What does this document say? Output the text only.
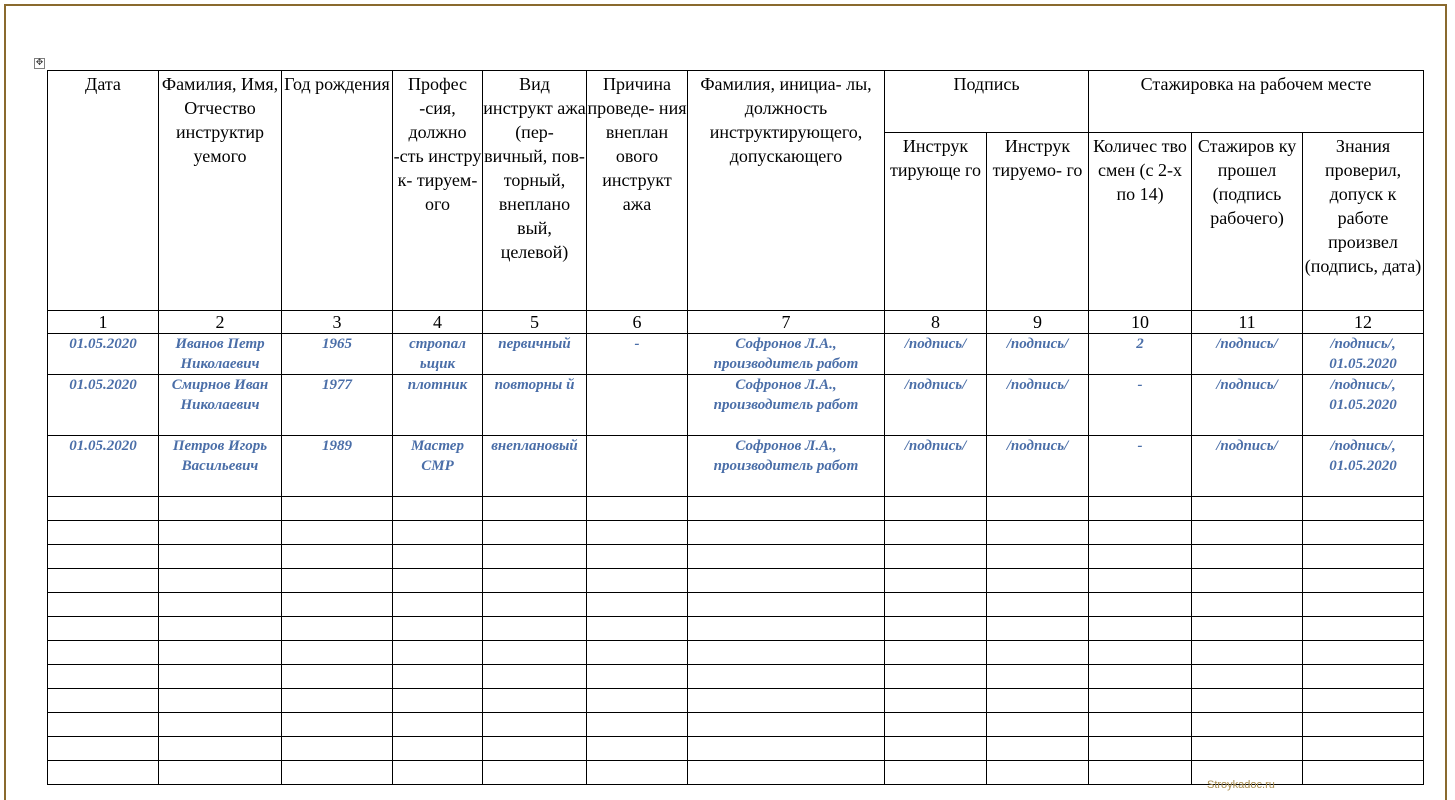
✥
Дата	Фамилия, Имя, Отчество инструктир уемого	Год рождения	Профес -сия, должно -сть инстру к- тируем- ого	Вид инструкт ажа (пер- вичный, пов- торный, внеплано вый, целевой)	Причина проведе- ния внеплан ового инструкт ажа	Фамилия, инициа- лы, должность инструктирующего, допускающего	Подпись		Стажировка на рабочем месте		

							Инструк тирующе го	Инструк тируемо- го	Количес тво смен (с 2-х по 14)	Стажиров ку прошел (подпись рабочего)	Знания проверил, допуск к работе произвел (подпись, дата)

1	2	3	4	5	6	7	8	9	10	11	12
01.05.2020	Иванов Петр Николаевич	1965	стропал ьщик	первичный	-	Софронов Л.А., производитель работ	/подпись/	/подпись/	2	/подпись/	/подпись/, 01.05.2020
01.05.2020	Смирнов Иван Николаевич	1977	плотник	повторны й		Софронов Л.А., производитель работ	/подпись/	/подпись/	-	/подпись/	/подпись/, 01.05.2020
01.05.2020	Петров Игорь Васильевич	1989	Мастер СМР	внеплановый		Софронов Л.А., производитель работ	/подпись/	/подпись/	-	/подпись/	/подпись/, 01.05.2020

Stroykadoc.ru
